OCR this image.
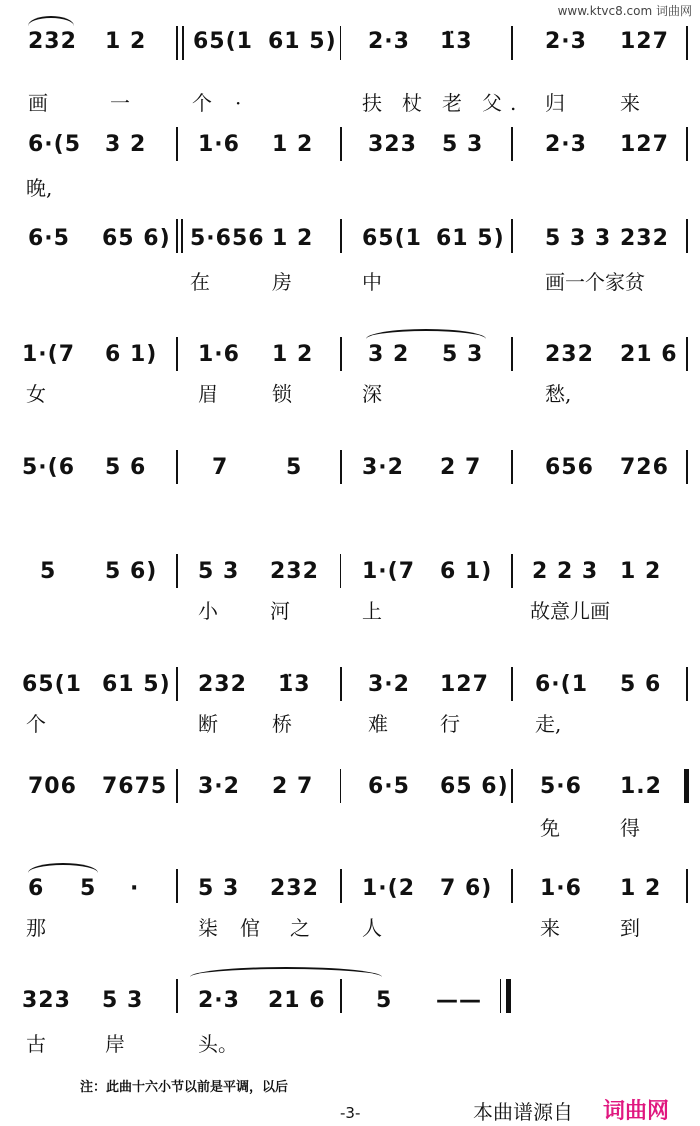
www.ktvc8.com 词曲网
232 1 2 65(1 61 5) 2·3 1̈3	2·3 127
画	一	个 ·	扶 杖 老 父 . 归	来
6·(5 3 2 1·6 1 2 323 5 3	2·3 127
晚,
6·5 65 6) 5·656 1 2 65(1 61 5) 5 3 3 232
在	房	中	画一个家贫
1·(7 6 1) 1·6 1 2 3 2 5 3	232 21 6
女	眉	锁	深	愁,
5·(6 5 6	7	5	3·2 2 7	656 726
5 5 6) 5 3 232 1·(7 6 1) 2 2 3 1 2
小	河	上	故意儿画
65(1 61 5) 232 1̈3	3·2 127 6·(1 5 6
个	断	桥	难	行	走,
706 7675 3·2 2 7 6·5 65 6) 5·6 1.2
免	得
6 5 ·	5 3 232 1·(2 7 6) 1·6 1 2
那	柒 倌 之	人	来	到
323 5 3 2·3 21 6 5 ——
古	岸	头。
注：此曲十六小节以前是平调，以后
-3-	本曲谱源自 词曲网
